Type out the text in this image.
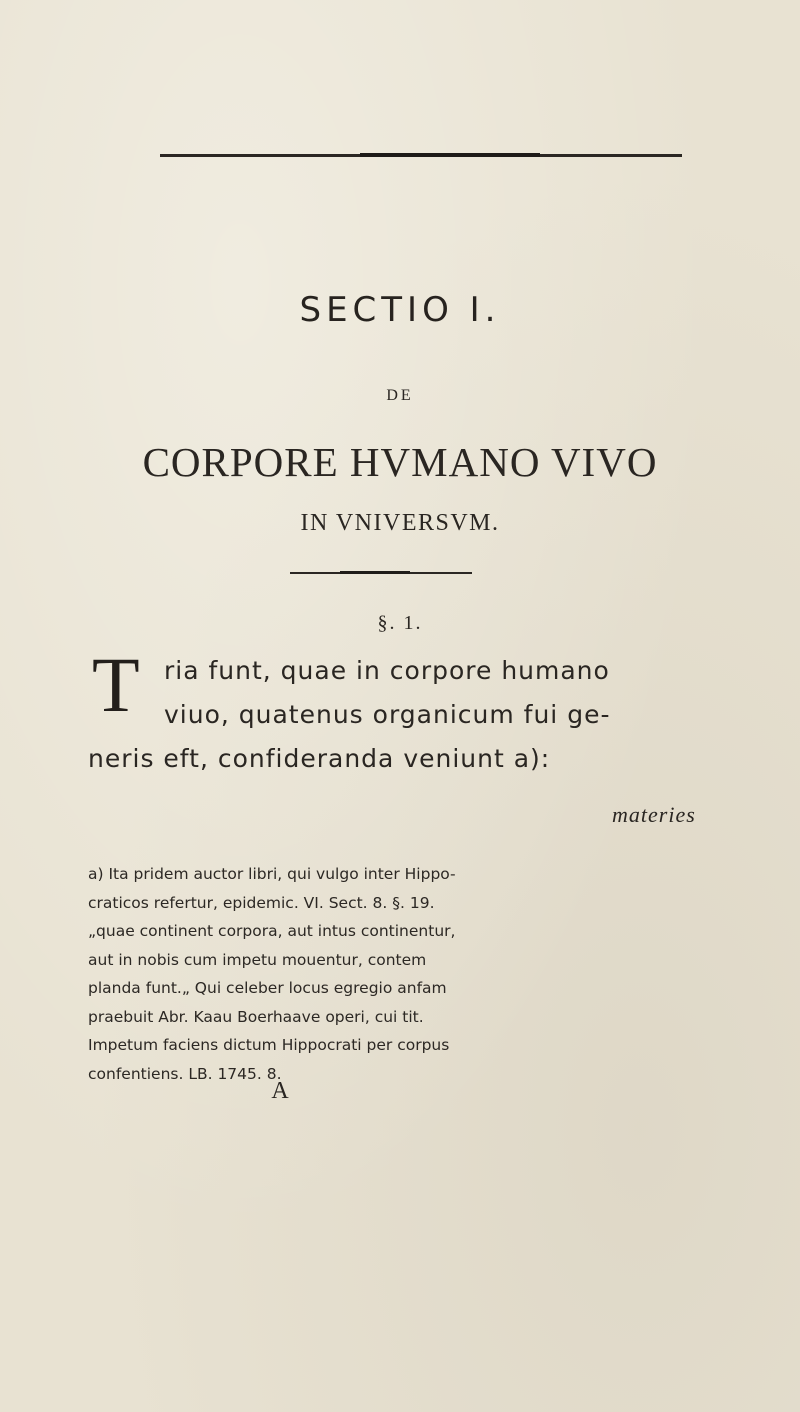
SECTIO I.
DE
CORPORE HVMANO VIVO
IN VNIVERSVM.
§. 1.
T ria funt, quae in corpore humano
viuo, quatenus organicum fui ge-
neris eft, confideranda veniunt a):
materies
a) Ita pridem auctor libri, qui vulgo inter Hippo-
craticos refertur, epidemic. VI. Sect. 8. §. 19.
„quae continent corpora, aut intus continentur,
aut in nobis cum impetu mouentur, contem
planda funt.„ Qui celeber locus egregio anfam
praebuit Abr. Kaau Boerhaave operi, cui tit.
Impetum faciens dictum Hippocrati per corpus
confentiens. LB. 1745. 8.
A
